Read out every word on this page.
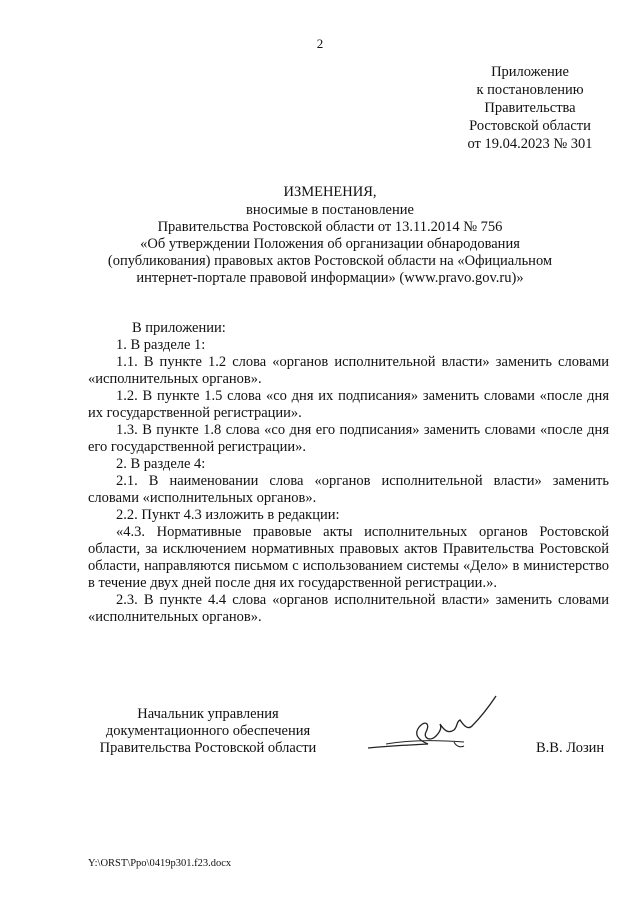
2
Приложение
к постановлению
Правительства
Ростовской области
от 19.04.2023 № 301
ИЗМЕНЕНИЯ,
вносимые в постановление
Правительства Ростовской области от 13.11.2014 № 756
«Об утверждении Положения об организации обнародования
(опубликования) правовых актов Ростовской области на «Официальном
интернет-портале правовой информации» (www.pravo.gov.ru)»

В приложении:

1. В разделе 1:

1.1. В пункте 1.2 слова «органов исполнительной власти» заменить словами «исполнительных органов».

1.2. В пункте 1.5 слова «со дня их подписания» заменить словами «после дня их государственной регистрации».

1.3. В пункте 1.8 слова «со дня его подписания» заменить словами «после дня его государственной регистрации».

2. В разделе 4:

2.1. В наименовании слова «органов исполнительной власти» заменить словами «исполнительных органов».

2.2. Пункт 4.3 изложить в редакции:

«4.3. Нормативные правовые акты исполнительных органов Ростовской области, за исключением нормативных правовых актов Правительства Ростовской области, направляются письмом с использованием системы «Дело» в министерство в течение двух дней после дня их государственной регистрации.».

2.3. В пункте 4.4 слова «органов исполнительной власти» заменить словами «исполнительных органов».

Начальник управления
документационного обеспечения
Правительства Ростовской области	В.В. Лозин
Y:\ORST\Ppo\0419p301.f23.docx
